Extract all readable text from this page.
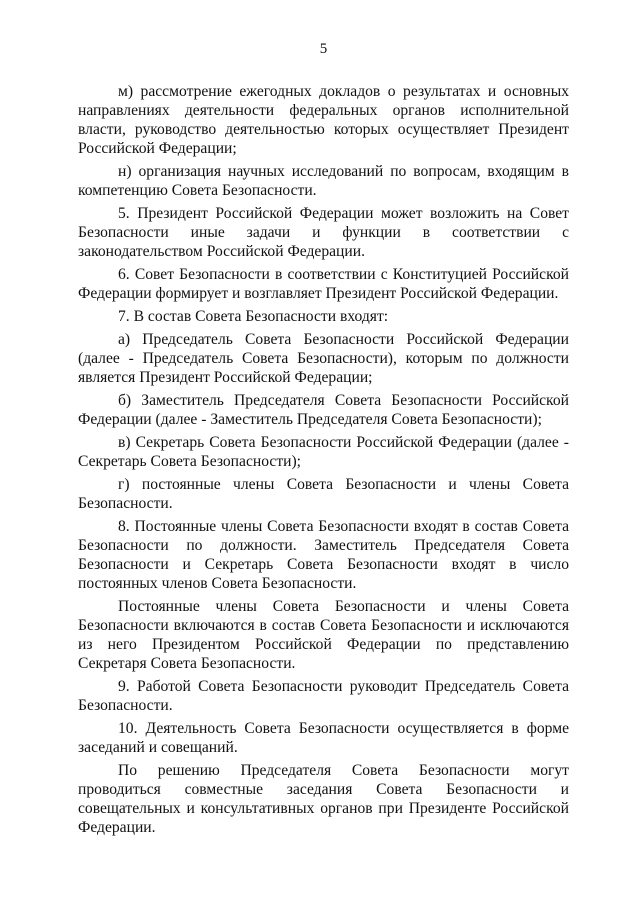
5

м) рассмотрение ежегодных докладов о результатах и основных направлениях деятельности федеральных органов исполнительной власти, руководство деятельностью которых осуществляет Президент Российской Федерации;

н) организация научных исследований по вопросам, входящим в компетенцию Совета Безопасности.

5. Президент Российской Федерации может возложить на Совет Безопасности иные задачи и функции в соответствии с законодательством Российской Федерации.

6. Совет Безопасности в соответствии с Конституцией Российской Федерации формирует и возглавляет Президент Российской Федерации.

7. В состав Совета Безопасности входят:

а) Председатель Совета Безопасности Российской Федерации (далее - Председатель Совета Безопасности), которым по должности является Президент Российской Федерации;

б) Заместитель Председателя Совета Безопасности Российской Федерации (далее - Заместитель Председателя Совета Безопасности);

в) Секретарь Совета Безопасности Российской Федерации (далее - Секретарь Совета Безопасности);

г) постоянные члены Совета Безопасности и члены Совета Безопасности.

8. Постоянные члены Совета Безопасности входят в состав Совета Безопасности по должности. Заместитель Председателя Совета Безопасности и Секретарь Совета Безопасности входят в число постоянных членов Совета Безопасности.

Постоянные члены Совета Безопасности и члены Совета Безопасности включаются в состав Совета Безопасности и исключаются из него Президентом Российской Федерации по представлению Секретаря Совета Безопасности.

9. Работой Совета Безопасности руководит Председатель Совета Безопасности.

10. Деятельность Совета Безопасности осуществляется в форме заседаний и совещаний.

По решению Председателя Совета Безопасности могут проводиться совместные заседания Совета Безопасности и совещательных и консультативных органов при Президенте Российской Федерации.
